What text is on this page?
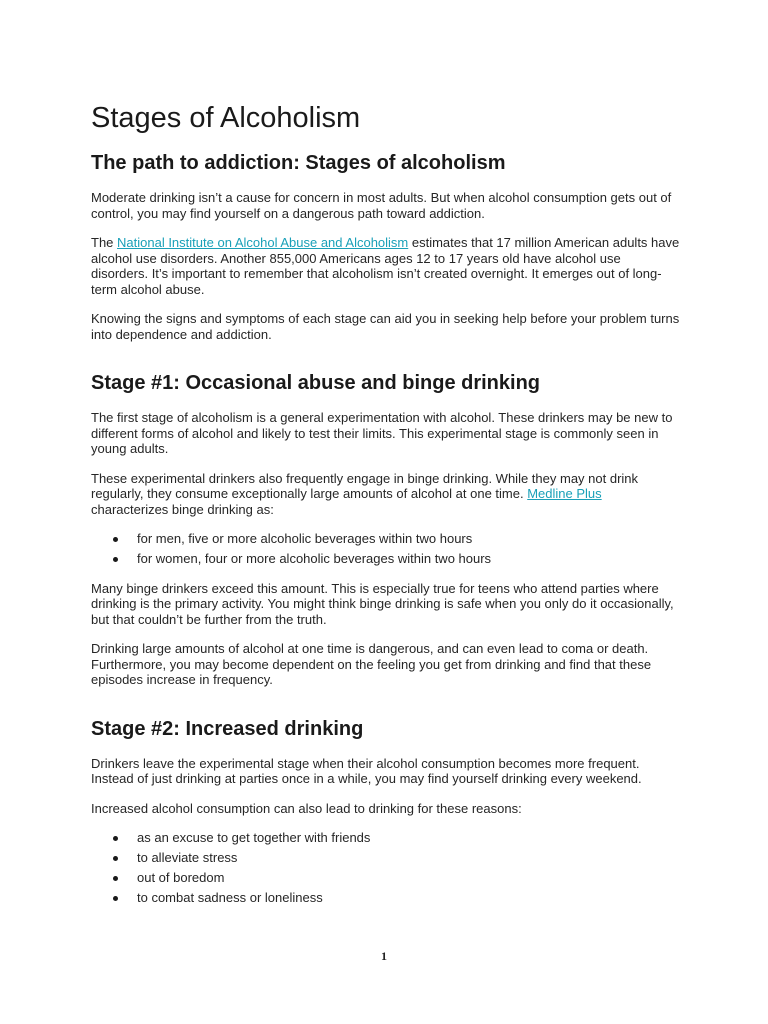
Stages of Alcoholism
The path to addiction: Stages of alcoholism

Moderate drinking isn’t a cause for concern in most adults. But when alcohol consumption gets out of control, you may find yourself on a dangerous path toward addiction.

The National Institute on Alcohol Abuse and Alcoholism estimates that 17 million American adults have alcohol use disorders. Another 855,000 Americans ages 12 to 17 years old have alcohol use disorders. It’s important to remember that alcoholism isn’t created overnight. It emerges out of long-term alcohol abuse.

Knowing the signs and symptoms of each stage can aid you in seeking help before your problem turns into dependence and addiction.

Stage #1: Occasional abuse and binge drinking

The first stage of alcoholism is a general experimentation with alcohol. These drinkers may be new to different forms of alcohol and likely to test their limits. This experimental stage is commonly seen in young adults.

These experimental drinkers also frequently engage in binge drinking. While they may not drink regularly, they consume exceptionally large amounts of alcohol at one time. Medline Plus characterizes binge drinking as:

for men, five or more alcoholic beverages within two hours
for women, four or more alcoholic beverages within two hours

Many binge drinkers exceed this amount. This is especially true for teens who attend parties where drinking is the primary activity. You might think binge drinking is safe when you only do it occasionally, but that couldn’t be further from the truth.

Drinking large amounts of alcohol at one time is dangerous, and can even lead to coma or death. Furthermore, you may become dependent on the feeling you get from drinking and find that these episodes increase in frequency.

Stage #2: Increased drinking

Drinkers leave the experimental stage when their alcohol consumption becomes more frequent. Instead of just drinking at parties once in a while, you may find yourself drinking every weekend.

Increased alcohol consumption can also lead to drinking for these reasons:

as an excuse to get together with friends
to alleviate stress
out of boredom
to combat sadness or loneliness
1
